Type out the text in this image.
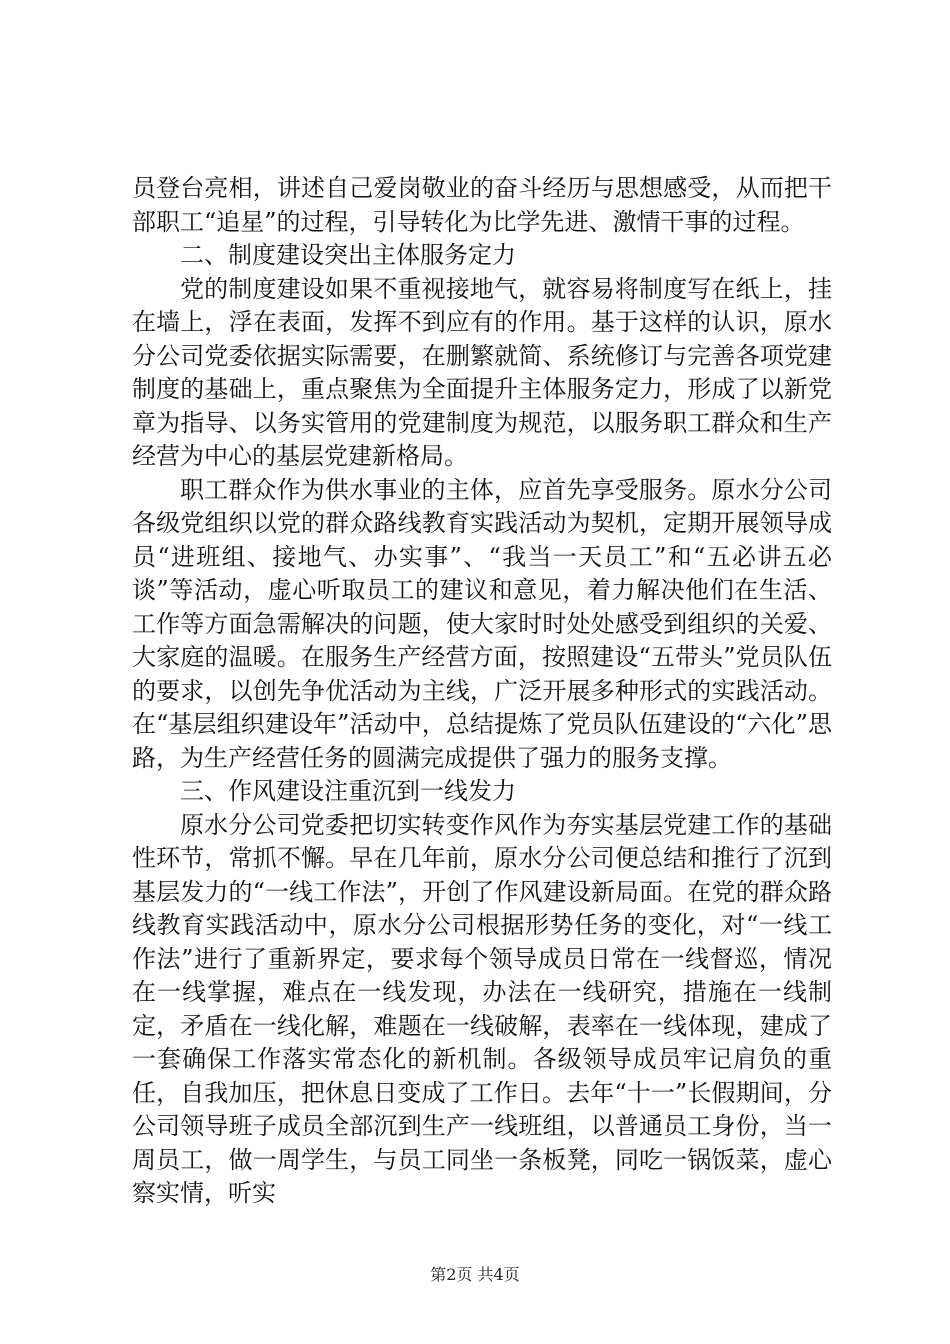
员登台亮相，讲述自己爱岗敬业的奋斗经历与思想感受，从而把干部职工“追星”的过程，引导转化为比学先进、激情干事的过程。

二、制度建设突出主体服务定力

党的制度建设如果不重视接地气，就容易将制度写在纸上，挂在墙上，浮在表面，发挥不到应有的作用。基于这样的认识，原水分公司党委依据实际需要，在删繁就简、系统修订与完善各项党建制度的基础上，重点聚焦为全面提升主体服务定力，形成了以新党章为指导、以务实管用的党建制度为规范，以服务职工群众和生产经营为中心的基层党建新格局。

职工群众作为供水事业的主体，应首先享受服务。原水分公司各级党组织以党的群众路线教育实践活动为契机，定期开展领导成员“进班组、接地气、办实事”、“我当一天员工”和“五必讲五必谈”等活动，虚心听取员工的建议和意见，着力解决他们在生活、工作等方面急需解决的问题，使大家时时处处感受到组织的关爱、大家庭的温暖。在服务生产经营方面，按照建设“五带头”党员队伍的要求，以创先争优活动为主线，广泛开展多种形式的实践活动。在“基层组织建设年”活动中，总结提炼了党员队伍建设的“六化”思路，为生产经营任务的圆满完成提供了强力的服务支撑。

三、作风建设注重沉到一线发力

原水分公司党委把切实转变作风作为夯实基层党建工作的基础性环节，常抓不懈。早在几年前，原水分公司便总结和推行了沉到基层发力的“一线工作法”，开创了作风建设新局面。在党的群众路线教育实践活动中，原水分公司根据形势任务的变化，对“一线工作法”进行了重新界定，要求每个领导成员日常在一线督巡，情况在一线掌握，难点在一线发现，办法在一线研究，措施在一线制定，矛盾在一线化解，难题在一线破解，表率在一线体现，建成了一套确保工作落实常态化的新机制。各级领导成员牢记肩负的重任，自我加压，把休息日变成了工作日。去年“十一”长假期间，分公司领导班子成员全部沉到生产一线班组，以普通员工身份，当一周员工，做一周学生，与员工同坐一条板凳，同吃一锅饭菜，虚心察实情，听实

第2页 共4页
